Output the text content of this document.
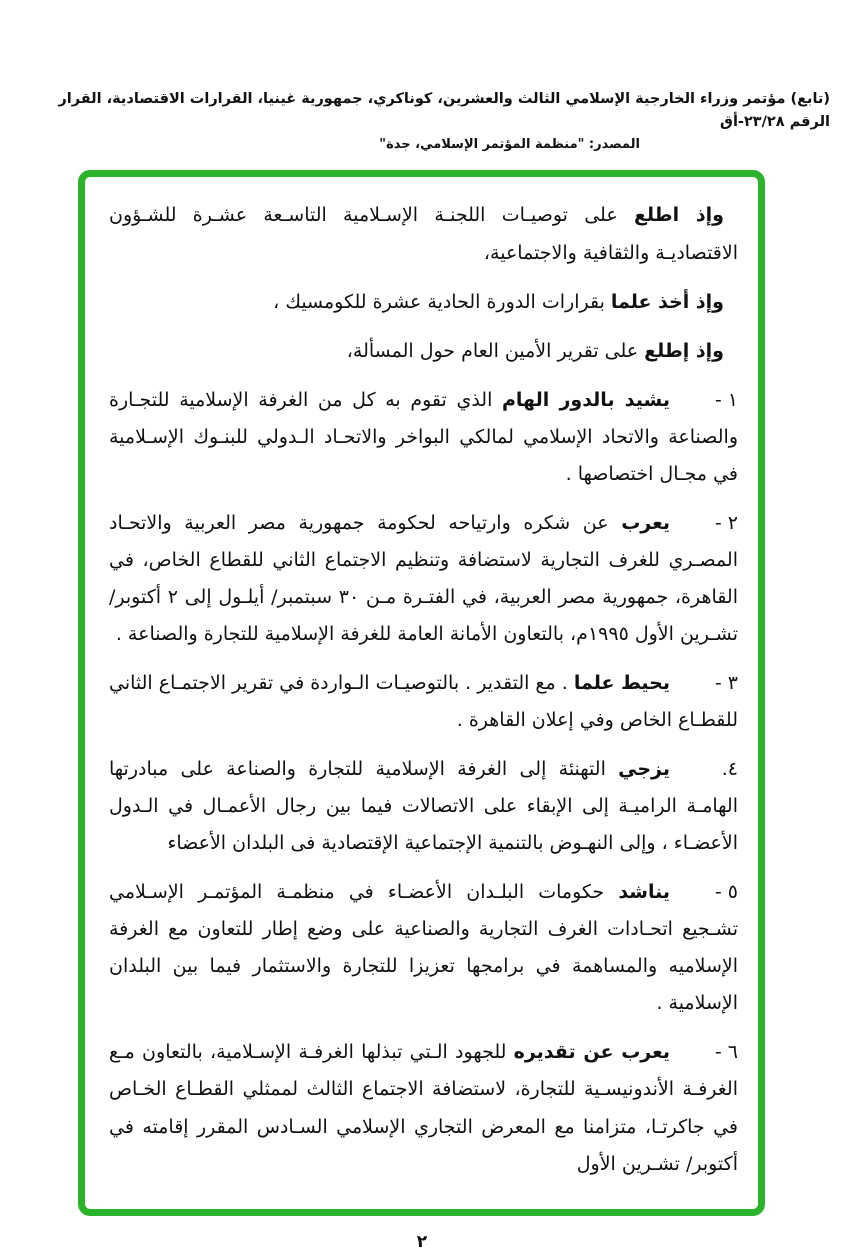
(تابع) مؤتمر وزراء الخارجية الإسلامي الثالث والعشرين، كوناكري، جمهورية غينيا، القرارات الاقتصادية، القرار الرقم ٢٣/٢٨-أق
المصدر: "منظمة المؤتمر الإسلامي، جدة"

وإذ اطلع على توصيـات اللجنـة الإسـلامية التاسـعة عشـرة للشـؤون الاقتصاديـة والثقافية والاجتماعية،

وإذ أخذ علما بقرارات الدورة الحادية عشرة للكومسيك ،

وإذ إطلع على تقرير الأمين العام حول المسألة،

١ -يشيد بالدور الهام الذي تقوم به كل من الغرفة الإسلامية للتجـارة والصناعة والاتحاد الإسلامي لمالكي البواخر والاتحـاد الـدولي للبنـوك الإسـلامية في مجـال اختصاصها .

٢ -يعرب عن شكره وارتياحه لحكومة جمهورية مصر العربية والاتحـاد المصـري للغرف التجارية لاستضافة وتنظيم الاجتماع الثاني للقطاع الخاص، في القاهرة، جمهورية مصر العربية، في الفتـرة مـن ٣٠ سبتمبر/ أيلـول إلى ٢ أكتوبر/ تشـرين الأول ١٩٩٥م، بالتعاون الأمانة العامة للغرفة الإسلامية للتجارة والصناعة .

٣ -يحيط علما . مع التقدير . بالتوصيـات الـواردة في تقرير الاجتمـاع الثاني للقطـاع الخاص وفي إعلان القاهرة .

٤.يزجي التهنئة إلى الغرفة الإسلامية للتجارة والصناعة على مبادرتها الهامـة الراميـة إلى الإبقاء على الاتصالات فيما بين رجال الأعمـال في الـدول الأعضـاء ، وإلى النهـوض بالتنمية الإجتماعية الإقتصادية فى البلدان الأعضاء

٥ -يناشد حكومات البلـدان الأعضـاء في منظمـة المؤتمـر الإسـلامي تشـجيع اتحـادات الغرف التجارية والصناعية على وضع إطار للتعاون مع الغرفة الإسلاميه والمساهمة في برامجها تعزيزا للتجارة والاستثمار فيما بين البلدان الإسلامية .

٦ -يعرب عن تقديره للجهود الـتي تبذلها الغرفـة الإسـلامية، بالتعاون مـع الغرفـة الأندونيسـية للتجارة، لاستضافة الاجتماع الثالث لممثلي القطـاع الخـاص في جاكرتـا، متزامنا مع المعرض التجاري الإسلامي السـادس المقرر إقامته في أكتوبر/ تشـرين الأول

٢
